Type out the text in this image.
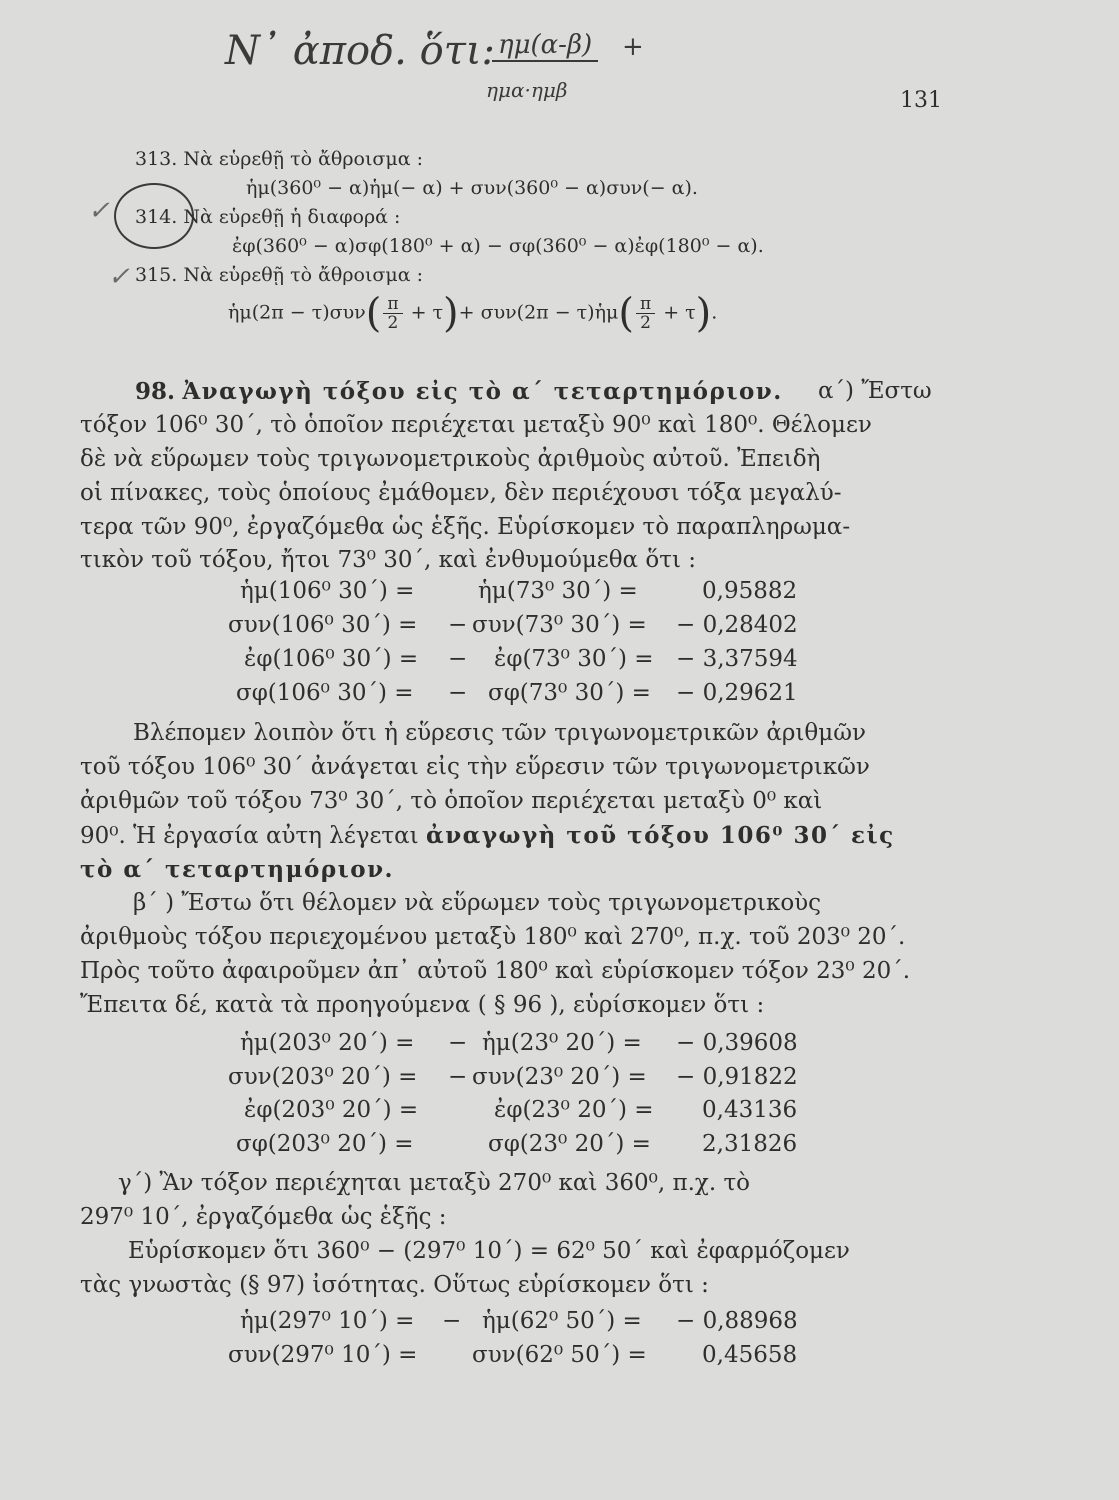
N᾿ ἀποδ. ὅτι: ημ(α-β)
ημα·ημβ
+
131
313. Νὰ εὑρεθῇ τὸ ἄθροισμα :
ἡμ(360⁰ − α)ἡμ(− α) + συν(360⁰ − α)συν(− α).
✓ 314. Νὰ εὑρεθῇ ἡ διαφορά :
ἐφ(360⁰ − α)σφ(180⁰ + α) − σφ(360⁰ − α)ἐφ(180⁰ − α).
✓ 315. Νὰ εὑρεθῇ τὸ ἄθροισμα :
ἡμ(2π − $\tau)\sigma\upsilon\nu( \frac{\pi}{2} + \tau)+ \sigma\upsilon\nu(2\pi$ − τ)ἡμ( $\frac{\pi}{2} + \tau$).
98. Ἀναγωγὴ τόξου εἰς τὸ α΄ τεταρτημόριον. α΄) Ἔστω
τόξον 106⁰ 30΄, τὸ ὁποῖον περιέχεται μεταξὺ 90⁰ καὶ 180⁰. Θέλομεν
δὲ νὰ εὕρωμεν τοὺς τριγωνομετρικοὺς ἀριθμοὺς αὐτοῦ. Ἐπειδὴ
οἱ πίνακες, τοὺς ὁποίους ἐμάθομεν, δὲν περιέχουσι τόξα μεγαλύ-
τερα τῶν 90⁰, ἐργαζόμεθα ὡς ἑξῆς. Εὑρίσκομεν τὸ παραπληρωμα-
τικὸν τοῦ τόξου, ἤτοι 73⁰ 30΄, καὶ ἐνθυμούμεθα ὅτι :
ἡμ(106⁰ 30΄) =	ἡμ(73⁰ 30΄) =	0,95882
συν(106⁰ 30΄) = − συν(73⁰ 30΄) = − 0,28402
ἐφ(106⁰ 30΄) = − ἐφ(73⁰ 30΄) = − 3,37594
σφ(106⁰ 30΄) = − σφ(73⁰ 30΄) = − 0,29621
Βλέπομεν λοιπὸν ὅτι ἡ εὕρεσις τῶν τριγωνομετρικῶν ἀριθμῶν
τοῦ τόξου 106⁰ 30΄ ἀνάγεται εἰς τὴν εὕρεσιν τῶν τριγωνομετρικῶν
ἀριθμῶν τοῦ τόξου 73⁰ 30΄, τὸ ὁποῖον περιέχεται μεταξὺ 0⁰ καὶ
90⁰. Ἡ ἐργασία αὐτη λέγεται ἀναγωγὴ τοῦ τόξου 106⁰ 30΄ εἰς
τὸ α΄ τεταρτημόριον.
β΄ ) Ἔστω ὅτι θέλομεν νὰ εὕρωμεν τοὺς τριγωνομετρικοὺς
ἀριθμοὺς τόξου περιεχομένου μεταξὺ 180⁰ καὶ 270⁰, π.χ. τοῦ 203⁰ 20΄.
Πρὸς τοῦτο ἀφαιροῦμεν ἀπ᾿ αὐτοῦ 180⁰ καὶ εὑρίσκομεν τόξον 23⁰ 20΄.
Ἔπειτα δέ, κατὰ τὰ προηγούμενα ( § 96 ), εὑρίσκομεν ὅτι :
ἡμ(203⁰ 20΄) = − ἡμ(23⁰ 20΄) = − 0,39608
συν(203⁰ 20΄) = − συν(23⁰ 20΄) = − 0,91822
ἐφ(203⁰ 20΄) =	ἐφ(23⁰ 20΄) = 0,43136
σφ(203⁰ 20΄) =	σφ(23⁰ 20΄) = 2,31826
γ΄) Ἂν τόξον περιέχηται μεταξὺ 270⁰ καὶ 360⁰, π.χ. τὸ
297⁰ 10΄, ἐργαζόμεθα ὡς ἑξῆς :
Εὑρίσκομεν ὅτι 360⁰ − (297⁰ 10΄) = 62⁰ 50΄ καὶ ἐφαρμόζομεν
τὰς γνωστὰς (§ 97) ἰσότητας. Οὕτως εὑρίσκομεν ὅτι :
ἡμ(297⁰ 10΄) = − ἡμ(62⁰ 50΄) = − 0,88968
συν(297⁰ 10΄) = συν(62⁰ 50΄) = 0,45658
